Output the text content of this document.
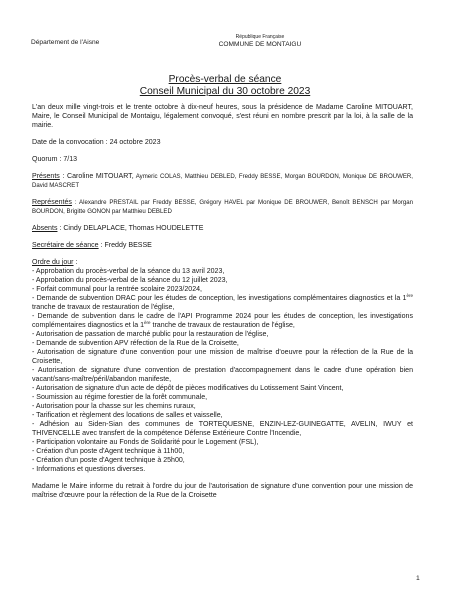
Département de l'Aisne
République Française
COMMUNE DE MONTAIGU
Procès-verbal de séance
Conseil Municipal du 30 octobre 2023

L'an deux mille vingt-trois et le trente octobre à dix-neuf heures, sous la présidence de Madame Caroline MITOUART, Maire, le Conseil Municipal de Montaigu, légalement convoqué, s'est réuni en nombre prescrit par la loi, à la salle de la mairie.

Date de la convocation : 24 octobre 2023

Quorum : 7/13

Présents : Caroline MITOUART, Aymeric COLAS, Matthieu DEBLED, Freddy BESSE, Morgan BOURDON, Monique DE BROUWER, David MASCRET

Représentés : Alexandre PRESTAIL par Freddy BESSE, Grégory HAVEL par Monique DE BROUWER, Benoît BENSCH par Morgan BOURDON, Brigitte GONON par Matthieu DEBLED

Absents : Cindy DELAPLACE, Thomas HOUDELETTE

Secrétaire de séance : Freddy BESSE

Ordre du jour :

- Approbation du procès-verbal de la séance du 13 avril 2023,

- Approbation du procès-verbal de la séance du 12 juillet 2023,

- Forfait communal pour la rentrée scolaire 2023/2024,

- Demande de subvention DRAC pour les études de conception, les investigations complémentaires diagnostics et la 1ère tranche de travaux de restauration de l'église,

- Demande de subvention dans le cadre de l'API Programme 2024 pour les études de conception, les investigations complémentaires diagnostics et la 1ère tranche de travaux de restauration de l'église,

- Autorisation de passation de marché public pour la restauration de l'église,

- Demande de subvention APV réfection de la Rue de la Croisette,

- Autorisation de signature d'une convention pour une mission de maîtrise d'oeuvre pour la réfection de la Rue de la Croisette,

- Autorisation de signature d'une convention de prestation d'accompagnement dans le cadre d'une opération bien vacant/sans-maître/péril/abandon manifeste,

- Autorisation de signature d'un acte de dépôt de pièces modificatives du Lotissement Saint Vincent,

- Soumission au régime forestier de la forêt communale,

- Autorisation pour la chasse sur les chemins ruraux,

- Tarification et règlement des locations de salles et vaisselle,

- Adhésion au Siden-Sian des communes de TORTEQUESNE, ENZIN-LEZ-GUINEGATTE, AVELIN, IWUY et THIVENCELLE avec transfert de la compétence Défense Extérieure Contre l'Incendie,

- Participation volontaire au Fonds de Solidarité pour le Logement (FSL),

- Création d'un poste d'Agent technique à 11h00,

- Création d'un poste d'Agent technique à 25h00,

- Informations et questions diverses.

Madame le Maire informe du retrait à l'ordre du jour de l'autorisation de signature d'une convention pour une mission de maîtrise d'œuvre pour la réfection de la Rue de la Croisette

1
